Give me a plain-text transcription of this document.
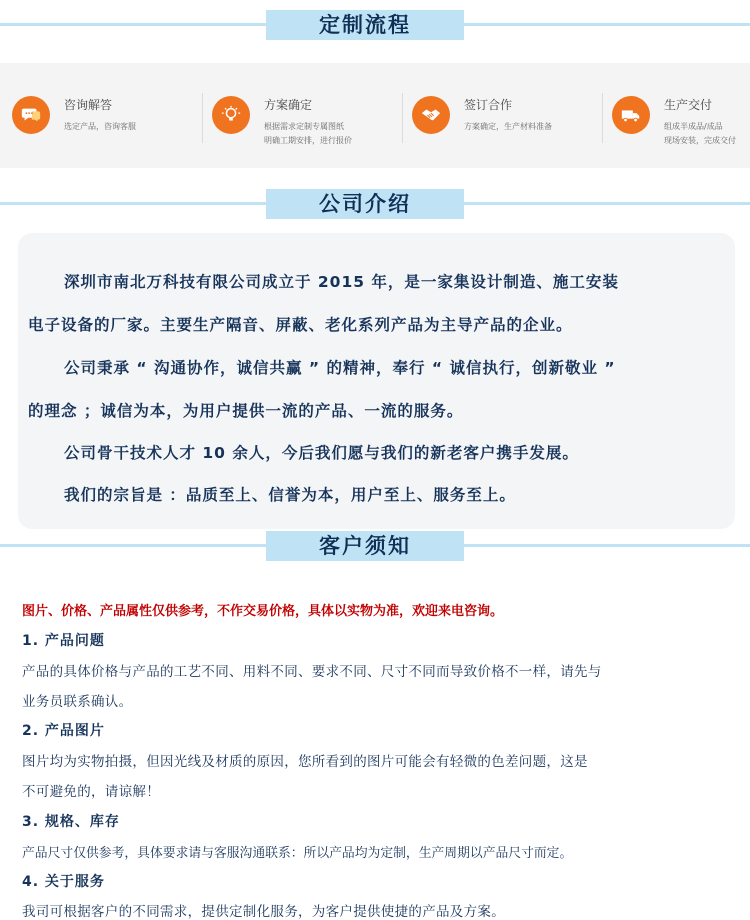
定制流程
咨询解答
选定产品，咨询客服
方案确定
根据需求定制专属图纸
明确工期安排，进行报价
签订合作
方案确定，生产材料准备
生产交付
组成半成品/成品
现场安装，完成交付
公司介绍
深圳市南北万科技有限公司成立于 2015 年，是一家集设计制造、施工安装
电子设备的厂家。主要生产隔音、屏蔽、老化系列产品为主导产品的企业。
公司秉承 “ 沟通协作，诚信共赢 ” 的精神，奉行 “ 诚信执行，创新敬业 ”
的理念 ；诚信为本，为用户提供一流的产品、一流的服务。
公司骨干技术人才 10 余人，今后我们愿与我们的新老客户携手发展。
我们的宗旨是 ：品质至上、信誉为本，用户至上、服务至上。
客户须知
图片、价格、产品属性仅供参考，不作交易价格，具体以实物为准，欢迎来电咨询。
1. 产品问题
产品的具体价格与产品的工艺不同、用料不同、要求不同、尺寸不同而导致价格不一样，请先与
业务员联系确认。
2. 产品图片
图片均为实物拍摄，但因光线及材质的原因，您所看到的图片可能会有轻微的色差问题，这是
不可避免的，请谅解！
3. 规格、库存
产品尺寸仅供参考，具体要求请与客服沟通联系：所以产品均为定制，生产周期以产品尺寸而定。
4. 关于服务
我司可根据客户的不同需求，提供定制化服务，为客户提供使捷的产品及方案。
